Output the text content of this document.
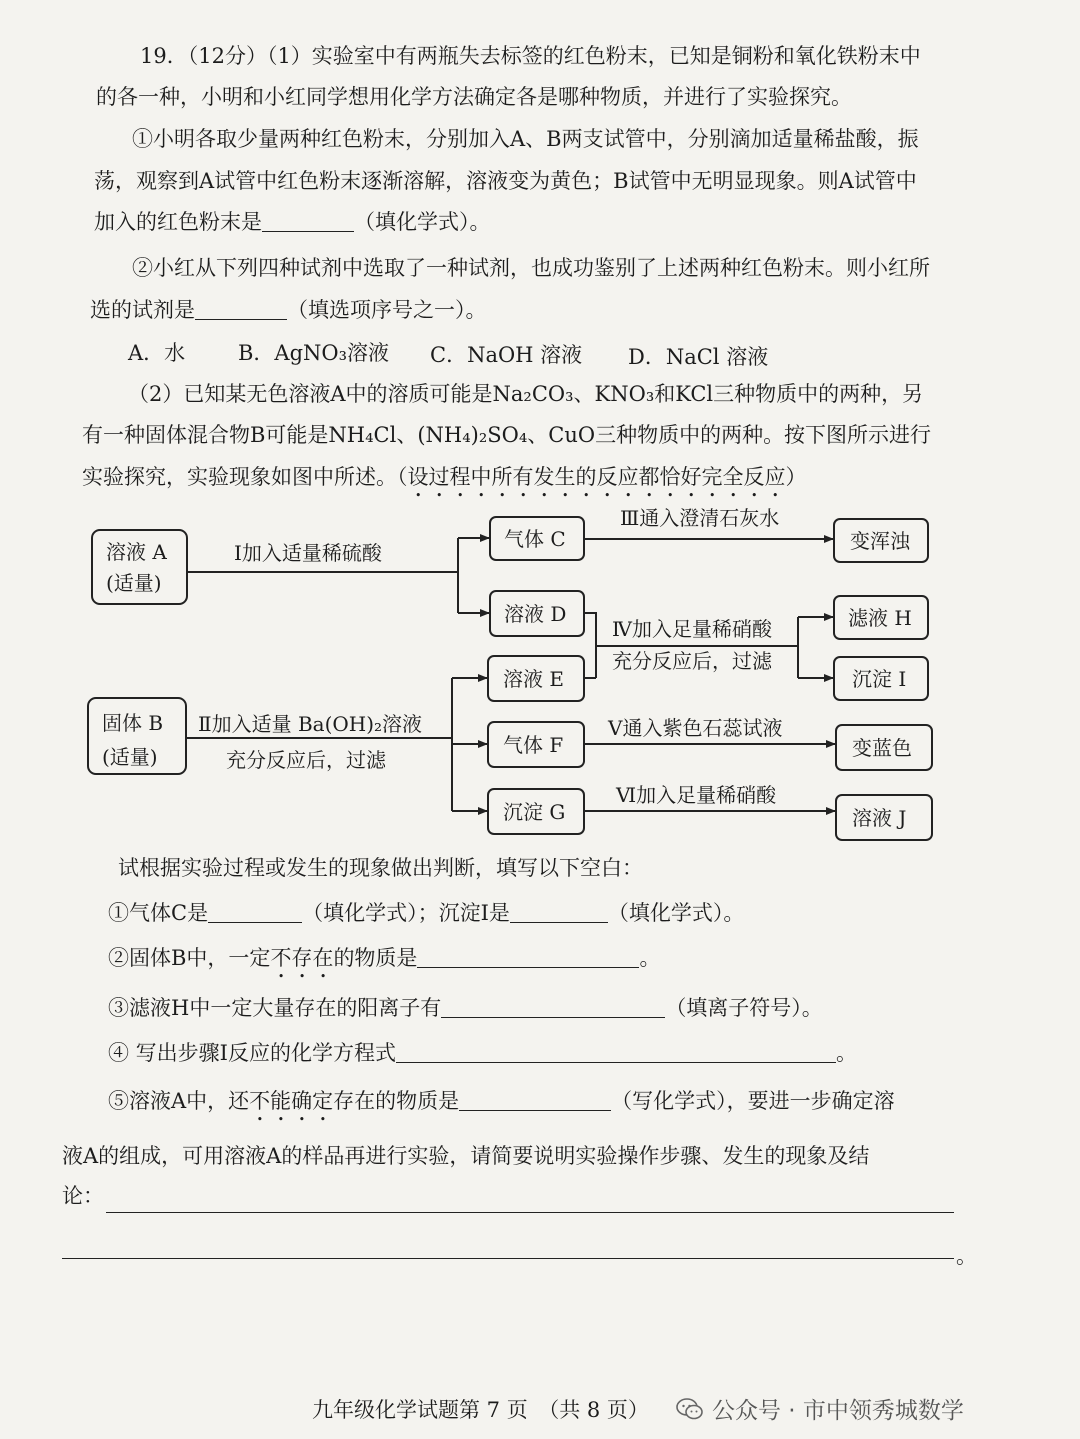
19．（12分）（1）实验室中有两瓶失去标签的红色粉末，已知是铜粉和氧化铁粉末中
的各一种，小明和小红同学想用化学方法确定各是哪种物质，并进行了实验探究。
①小明各取少量两种红色粉末，分别加入A、B两支试管中，分别滴加适量稀盐酸，振
荡，观察到A试管中红色粉末逐渐溶解，溶液变为黄色；B试管中无明显现象。则A试管中
加入的红色粉末是	（填化学式）。
②小红从下列四种试剂中选取了一种试剂，也成功鉴别了上述两种红色粉末。则小红所
选的试剂是	（填选项序号之一）。
A．水	B．AgNO₃溶液 C．NaOH 溶液 D．NaCl 溶液
（2）已知某无色溶液A中的溶质可能是Na₂CO₃、KNO₃和KCl三种物质中的两种，另
有一种固体混合物B可能是NH₄Cl、(NH₄)₂SO₄、CuO三种物质中的两种。按下图所示进行
实验探究，实验现象如图中所述。（设过程中所有发生的反应都恰好完全反应）
溶液 A
(适量)
固体 B
(适量)
Ⅰ加入适量稀硫酸
Ⅱ加入适量 Ba(OH)₂溶液
充分反应后，过滤
Ⅲ通入澄清石灰水
Ⅳ加入足量稀硝酸
充分反应后，过滤
Ⅴ通入紫色石蕊试液
Ⅵ加入足量稀硝酸
气体 C
溶液 D
溶液 E
气体 F
沉淀 G
变浑浊
滤液 H
沉淀 I
变蓝色
溶液 J
试根据实验过程或发生的现象做出判断，填写以下空白：
①气体C是	（填化学式）；沉淀I是	（填化学式）。
②固体B中，一定不存在的物质是	。
③滤液H中一定大量存在的阳离子有	（填离子符号）。
④ 写出步骤Ⅰ反应的化学方程式	。
⑤溶液A中，还不能确定存在的物质是	（写化学式），要进一步确定溶
液A的组成，可用溶液A的样品再进行实验，请简要说明实验操作步骤、发生的现象及结
论：
。
九年级化学试题第 7 页　（共 8 页）	公众号 · 市中领秀城数学
